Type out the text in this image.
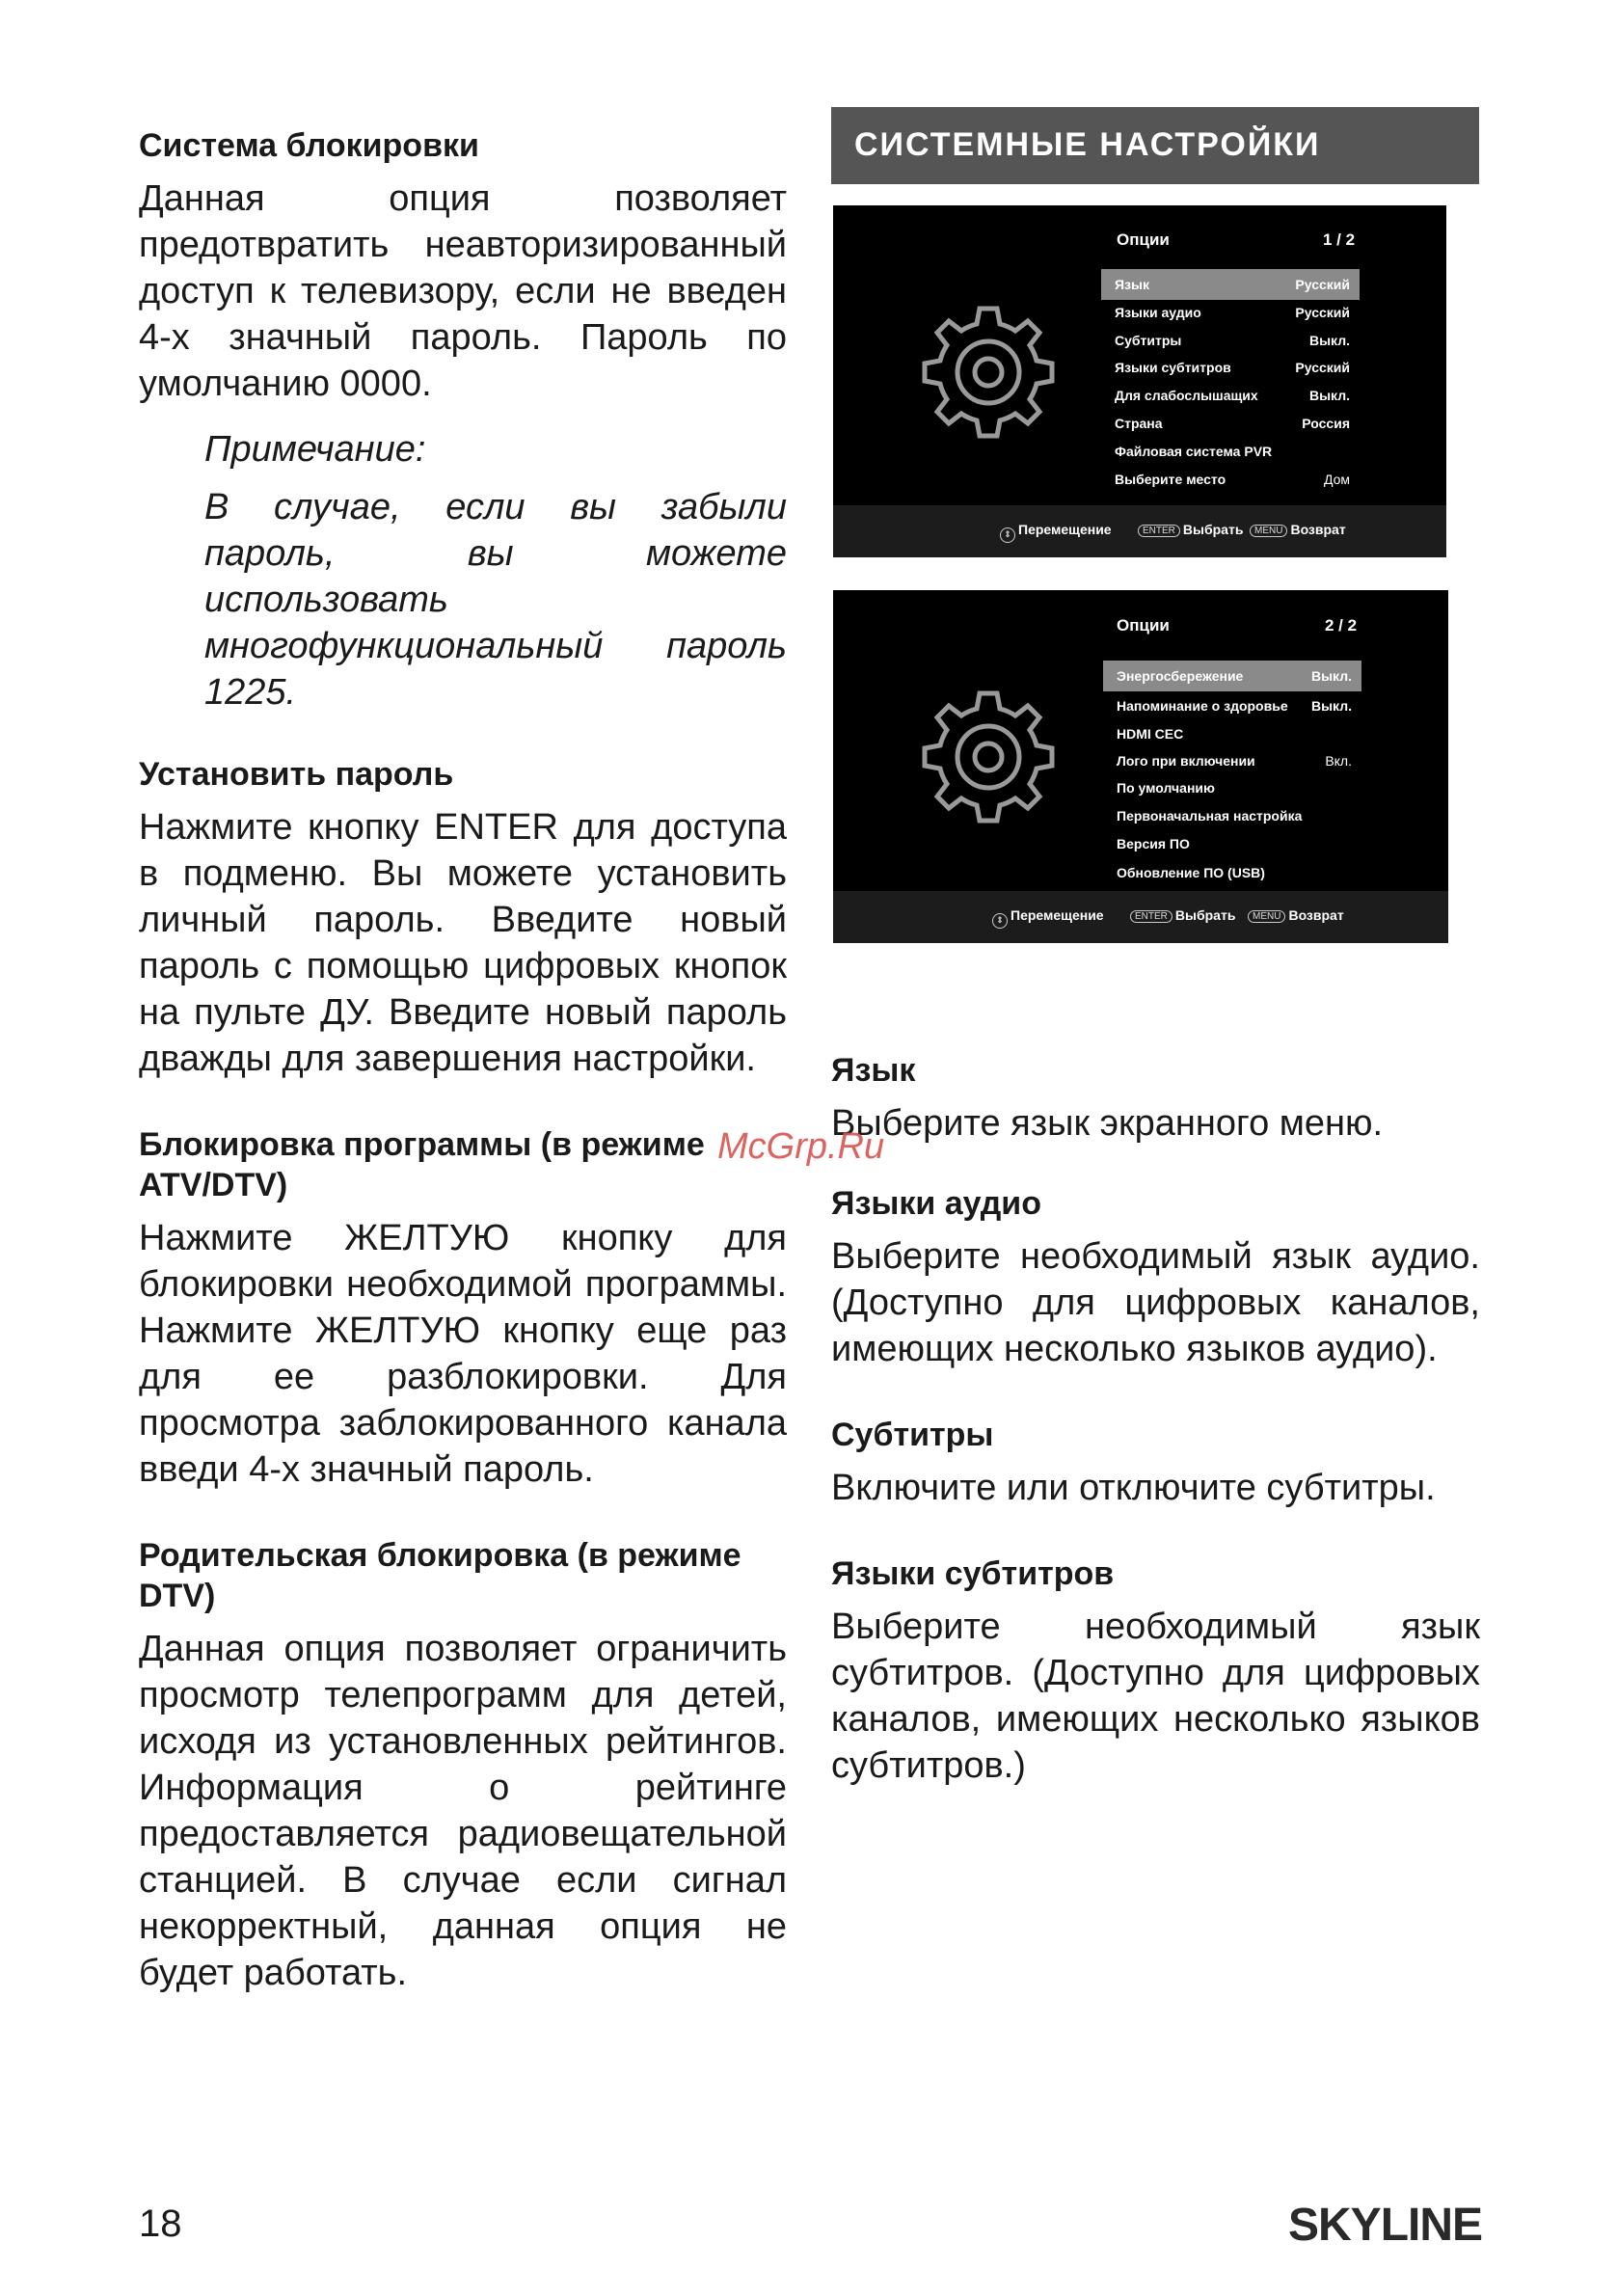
Система блокировки

Данная опция позволяет предотвратить неавторизированный доступ к телевизору, если не введен 4-х значный пароль. Пароль по умолчанию 0000.

Примечание:

В случае, если вы забыли пароль, вы можете использовать многофункциональный пароль 1225.

Установить пароль

Нажмите кнопку ENTER для доступа в подменю. Вы можете установить личный пароль. Введите новый пароль с помощью цифровых кнопок на пульте ДУ. Введите новый пароль дважды для завершения настройки.

Блокировка программы (в режиме ATV/DTV)

Нажмите ЖЕЛТУЮ кнопку для блокировки необходимой программы. Нажмите ЖЕЛТУЮ кнопку еще раз для ее разблокировки. Для просмотра заблокированного канала введи 4-х значный пароль.

Родительская блокировка (в режиме DTV)

Данная опция позволяет ограничить просмотр телепрограмм для детей, исходя из установленных рейтингов. Информация о рейтинге предоставляется радиовещательной станцией. В случае если сигнал некорректный, данная опция не будет работать.

СИСТЕМНЫЕ НАСТРОЙКИ
Опции	1 / 2
Язык	Русский
Языки аудио	Русский
Субтитры	Выкл.
Языки субтитров	Русский
Для слабослышащих	Выкл.
Страна	Россия
Файловая система PVR
Выберите место	Дом
⇕ Перемещение	ENTER Выбрать	MENU Возврат
Опции	2 / 2
Энергосбережение	Выкл.
Напоминание о здоровье Выкл.
HDMI CEC
Лого при включении	Вкл.
По умолчанию
Первоначальная настройка
Версия ПО
Обновление ПО (USB)
⇕ Перемещение	ENTER Выбрать	MENU Возврат
Язык

Выберите язык экранного меню.

Языки аудио

Выберите необходимый язык аудио. (Доступно для цифровых каналов, имеющих несколько языков аудио).

Субтитры

Включите или отключите субтитры.

Языки субтитров

Выберите необходимый язык субтитров. (Доступно для цифровых каналов, имеющих несколько языков субтитров.)

McGrp.Ru
18	SKYLINE
